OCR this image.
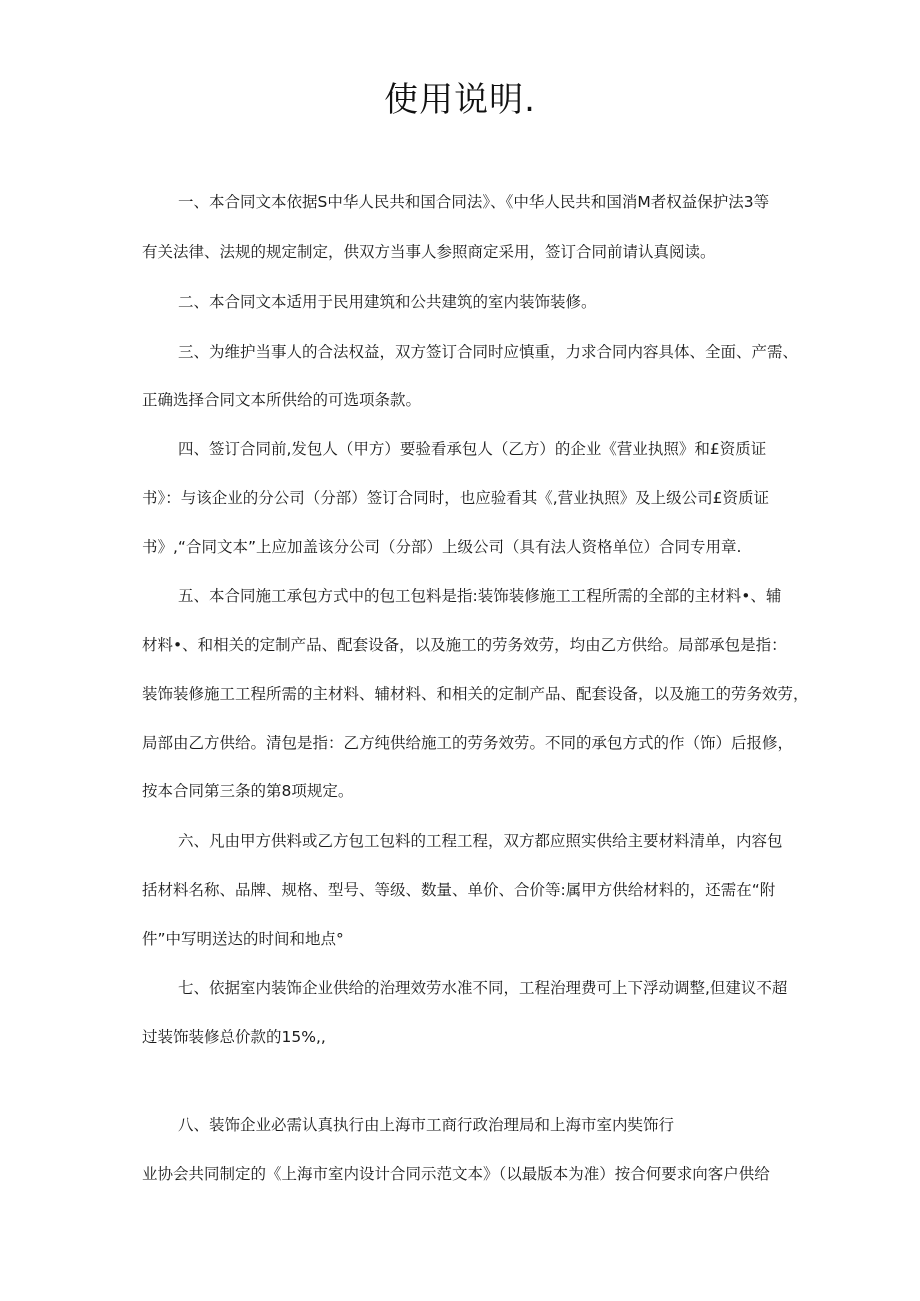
使用说明.
一、本合同文本依据S中华人民共和国合同法》、《中华人民共和国消M者权益保护法3等
有关法律、法规的规定制定，供双方当事人参照商定采用，签订合同前请认真阅读。
二、本合同文本适用于民用建筑和公共建筑的室内装饰装修。
三、为维护当事人的合法权益，双方签订合同时应慎重，力求合同内容具体、全面、产需、
正确选择合同文本所供给的可选项条款。
四、签订合同前,发包人（甲方）要验看承包人（乙方）的企业《营业执照》和£资质证
书》：与该企业的分公司（分部）签订合同时，也应验看其《,营业执照》及上级公司£资质证
书》,“合同文本”上应加盖该分公司（分部）上级公司（具有法人资格单位）合同专用章.
五、本合同施工承包方式中的包工包料是指:装饰装修施工工程所需的全部的主材料•、辅
材料•、和相关的定制产品、配套设备，以及施工的劳务效劳，均由乙方供给。局部承包是指：
装饰装修施工工程所需的主材料、辅材料、和相关的定制产品、配套设备，以及施工的劳务效劳，
局部由乙方供给。清包是指：乙方纯供给施工的劳务效劳。不同的承包方式的作（饰）后报修，
按本合同第三条的第8项规定。
六、凡由甲方供料或乙方包工包料的工程工程，双方都应照实供给主要材料清单，内容包
括材料名称、品牌、规格、型号、等级、数量、单价、合价等:属甲方供给材料的，还需在“附
件”中写明送达的时间和地点°
七、依据室内装饰企业供给的治理效劳水准不同，工程治理费可上下浮动调整,但建议不超
过装饰装修总价款的15%,,
八、装饰企业必需认真执行由上海市工商行政治理局和上海市室内奘饰行
业协会共同制定的《上海市室内设计合同示范文本》（以最版本为准）按合何要求向客户供给
